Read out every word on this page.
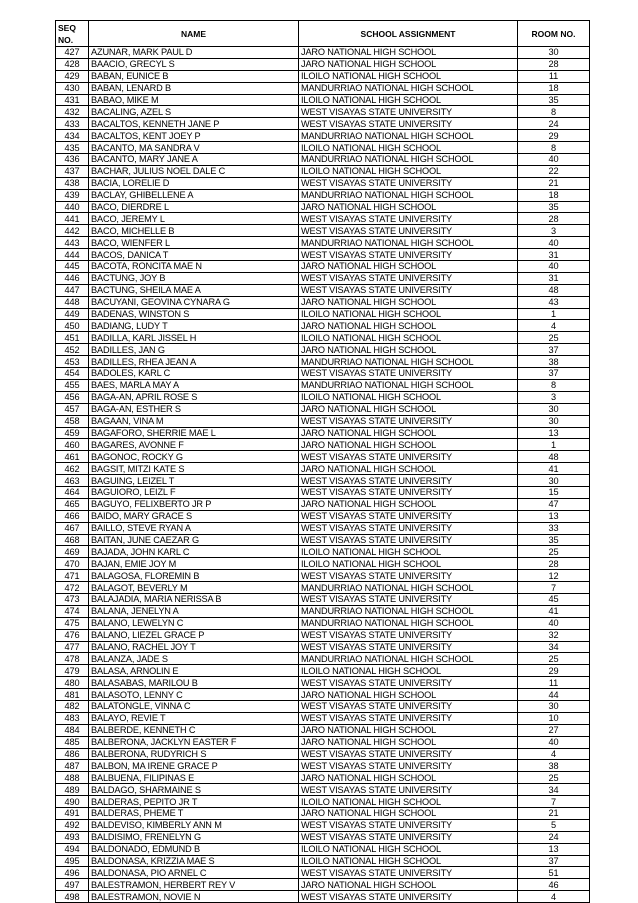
SEQ
NO.	NAME	SCHOOL ASSIGNMENT	ROOM NO.
427	AZUNAR, MARK PAUL D	JARO NATIONAL HIGH SCHOOL	30
428	BAACIO, GRECYL S	JARO NATIONAL HIGH SCHOOL	28
429	BABAN, EUNICE B	ILOILO NATIONAL HIGH SCHOOL	11
430	BABAN, LENARD B	MANDURRIAO NATIONAL HIGH SCHOOL	18
431	BABAO, MIKE M	ILOILO NATIONAL HIGH SCHOOL	35
432	BACALING, AZEL S	WEST VISAYAS STATE UNIVERSITY	8
433	BACALTOS, KENNETH JANE P	WEST VISAYAS STATE UNIVERSITY	24
434	BACALTOS, KENT JOEY P	MANDURRIAO NATIONAL HIGH SCHOOL	29
435	BACANTO, MA SANDRA V	ILOILO NATIONAL HIGH SCHOOL	8
436	BACANTO, MARY JANE A	MANDURRIAO NATIONAL HIGH SCHOOL	40
437	BACHAR, JULIUS NOEL DALE C	ILOILO NATIONAL HIGH SCHOOL	22
438	BACIA, LORELIE D	WEST VISAYAS STATE UNIVERSITY	21
439	BACLAY, GHIBELLENE A	MANDURRIAO NATIONAL HIGH SCHOOL	18
440	BACO, DIERDRE L	JARO NATIONAL HIGH SCHOOL	35
441	BACO, JEREMY L	WEST VISAYAS STATE UNIVERSITY	28
442	BACO, MICHELLE B	WEST VISAYAS STATE UNIVERSITY	3
443	BACO, WIENFER L	MANDURRIAO NATIONAL HIGH SCHOOL	40
444	BACOS, DANICA T	WEST VISAYAS STATE UNIVERSITY	31
445	BACOTA, RONCITA MAE N	JARO NATIONAL HIGH SCHOOL	40
446	BACTUNG, JOY B	WEST VISAYAS STATE UNIVERSITY	31
447	BACTUNG, SHEILA MAE A	WEST VISAYAS STATE UNIVERSITY	48
448	BACUYANI, GEOVINA CYNARA G	JARO NATIONAL HIGH SCHOOL	43
449	BADENAS, WINSTON S	ILOILO NATIONAL HIGH SCHOOL	1
450	BADIANG, LUDY T	JARO NATIONAL HIGH SCHOOL	4
451	BADILLA, KARL JISSEL H	ILOILO NATIONAL HIGH SCHOOL	25
452	BADILLES, JAN G	JARO NATIONAL HIGH SCHOOL	37
453	BADILLES, RHEA JEAN A	MANDURRIAO NATIONAL HIGH SCHOOL	38
454	BADOLES, KARL C	WEST VISAYAS STATE UNIVERSITY	37
455	BAES, MARLA MAY A	MANDURRIAO NATIONAL HIGH SCHOOL	8
456	BAGA-AN, APRIL ROSE S	ILOILO NATIONAL HIGH SCHOOL	3
457	BAGA-AN, ESTHER S	JARO NATIONAL HIGH SCHOOL	30
458	BAGAAN, VINA M	WEST VISAYAS STATE UNIVERSITY	30
459	BAGAFORO, SHERRIE MAE L	JARO NATIONAL HIGH SCHOOL	13
460	BAGARES, AVONNE F	JARO NATIONAL HIGH SCHOOL	1
461	BAGONOC, ROCKY G	WEST VISAYAS STATE UNIVERSITY	48
462	BAGSIT, MITZI KATE S	JARO NATIONAL HIGH SCHOOL	41
463	BAGUING, LEIZEL T	WEST VISAYAS STATE UNIVERSITY	30
464	BAGUIORO, LEIZL F	WEST VISAYAS STATE UNIVERSITY	15
465	BAGUYO, FELIXBERTO JR P	JARO NATIONAL HIGH SCHOOL	47
466	BAIDO, MARY GRACE S	WEST VISAYAS STATE UNIVERSITY	13
467	BAILLO, STEVE RYAN A	WEST VISAYAS STATE UNIVERSITY	33
468	BAITAN, JUNE CAEZAR G	WEST VISAYAS STATE UNIVERSITY	35
469	BAJADA, JOHN KARL C	ILOILO NATIONAL HIGH SCHOOL	25
470	BAJAN, EMIE JOY M	ILOILO NATIONAL HIGH SCHOOL	28
471	BALAGOSA, FLOREMIN B	WEST VISAYAS STATE UNIVERSITY	12
472	BALAGOT, BEVERLY M	MANDURRIAO NATIONAL HIGH SCHOOL	7
473	BALAJADIA, MARIA NERISSA B	WEST VISAYAS STATE UNIVERSITY	45
474	BALANA, JENELYN A	MANDURRIAO NATIONAL HIGH SCHOOL	41
475	BALANO, LEWELYN C	MANDURRIAO NATIONAL HIGH SCHOOL	40
476	BALANO, LIEZEL GRACE P	WEST VISAYAS STATE UNIVERSITY	32
477	BALANO, RACHEL JOY T	WEST VISAYAS STATE UNIVERSITY	34
478	BALANZA, JADE S	MANDURRIAO NATIONAL HIGH SCHOOL	25
479	BALASA, ARNOLIN E	ILOILO NATIONAL HIGH SCHOOL	29
480	BALASABAS, MARILOU B	WEST VISAYAS STATE UNIVERSITY	11
481	BALASOTO, LENNY C	JARO NATIONAL HIGH SCHOOL	44
482	BALATONGLE, VINNA C	WEST VISAYAS STATE UNIVERSITY	30
483	BALAYO, REVIE T	WEST VISAYAS STATE UNIVERSITY	10
484	BALBERDE, KENNETH C	JARO NATIONAL HIGH SCHOOL	27
485	BALBERONA, JACKLYN EASTER F	JARO NATIONAL HIGH SCHOOL	40
486	BALBERONA, RUDYRICH S	WEST VISAYAS STATE UNIVERSITY	4
487	BALBON, MA IRENE GRACE P	WEST VISAYAS STATE UNIVERSITY	38
488	BALBUENA, FILIPINAS E	JARO NATIONAL HIGH SCHOOL	25
489	BALDAGO, SHARMAINE S	WEST VISAYAS STATE UNIVERSITY	34
490	BALDERAS, PEPITO JR T	ILOILO NATIONAL HIGH SCHOOL	7
491	BALDERAS, PHEME T	JARO NATIONAL HIGH SCHOOL	21
492	BALDEVISO, KIMBERLY ANN M	WEST VISAYAS STATE UNIVERSITY	5
493	BALDISIMO, FRENELYN G	WEST VISAYAS STATE UNIVERSITY	24
494	BALDONADO, EDMUND B	ILOILO NATIONAL HIGH SCHOOL	13
495	BALDONASA, KRIZZIA MAE S	ILOILO NATIONAL HIGH SCHOOL	37
496	BALDONASA, PIO ARNEL C	WEST VISAYAS STATE UNIVERSITY	51
497	BALESTRAMON, HERBERT REY V	JARO NATIONAL HIGH SCHOOL	46
498	BALESTRAMON, NOVIE N	WEST VISAYAS STATE UNIVERSITY	4
